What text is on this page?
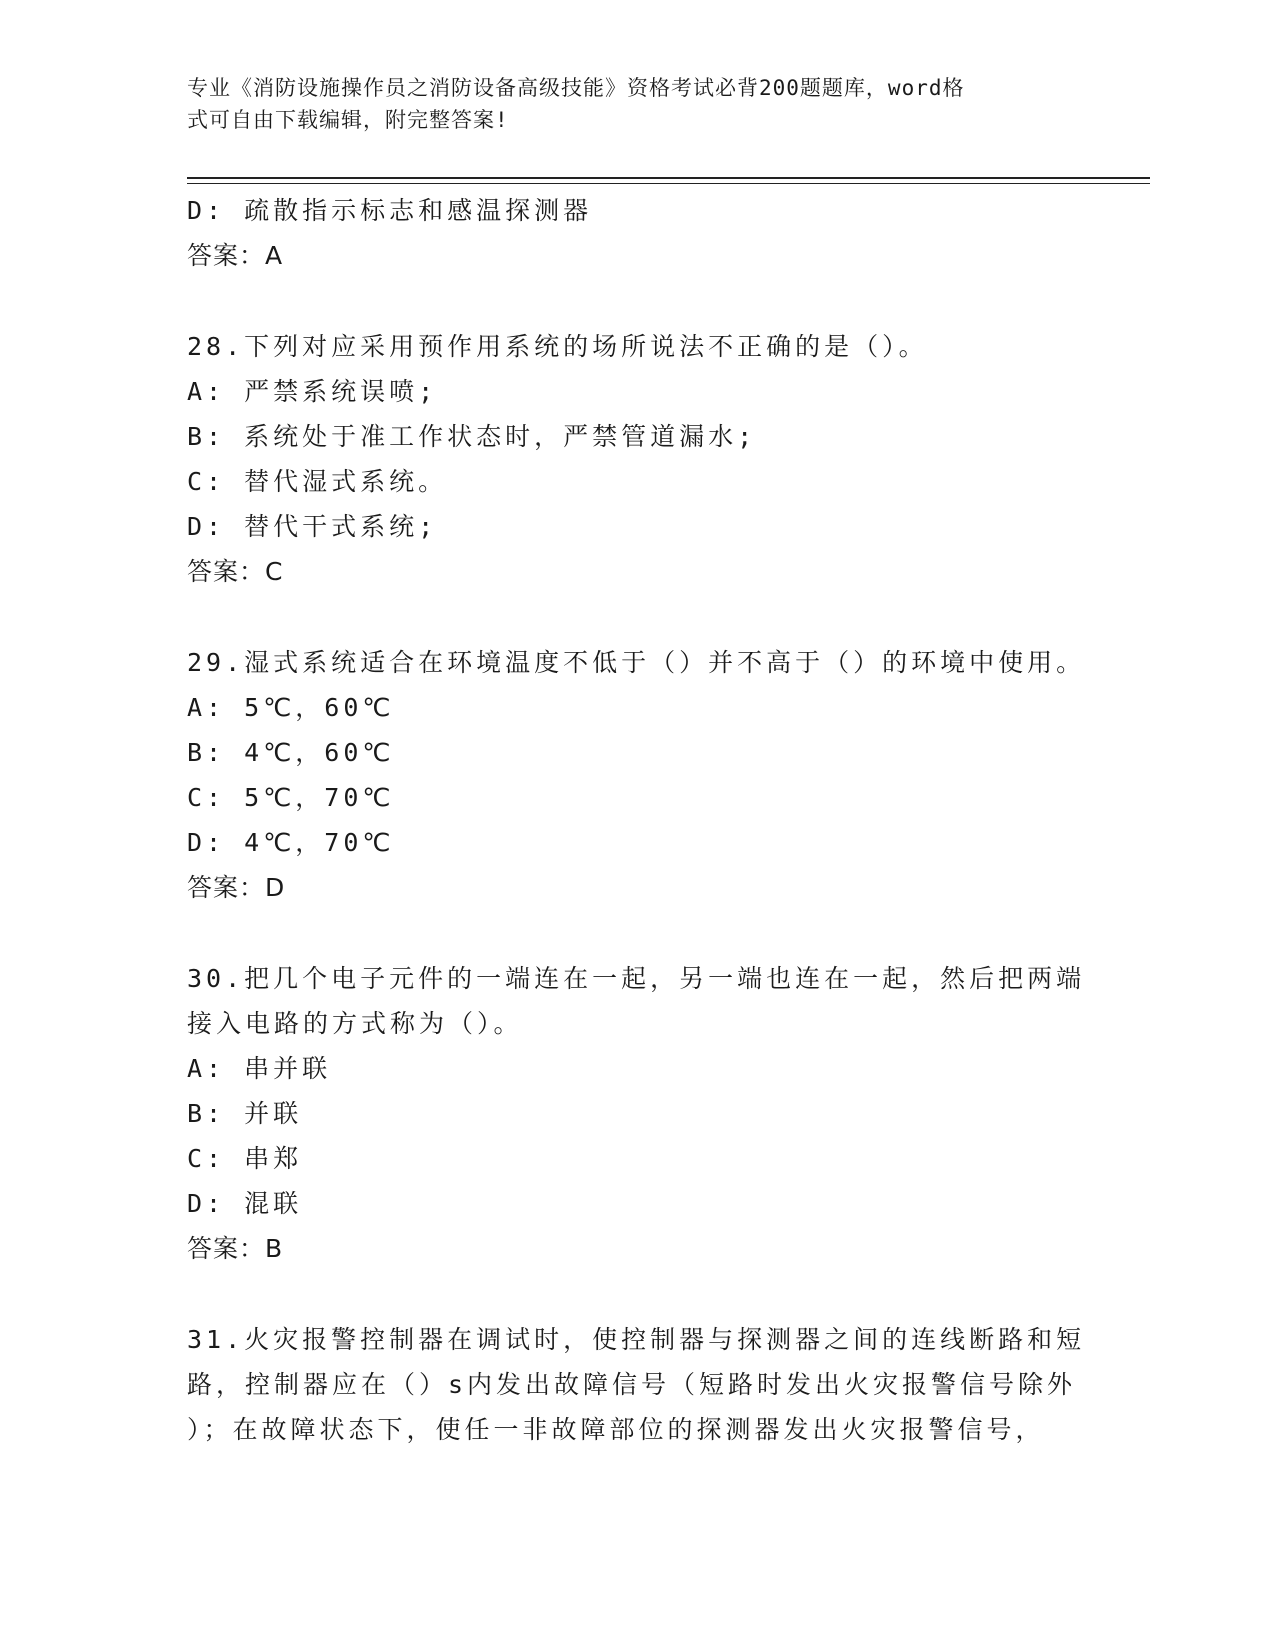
专业《消防设施操作员之消防设备高级技能》资格考试必背200题题库，word格
式可自由下载编辑，附完整答案!
D: 疏散指示标志和感温探测器
答案：A
28.下列对应采用预作用系统的场所说法不正确的是（）。
A: 严禁系统误喷;
B: 系统处于准工作状态时，严禁管道漏水;
C: 替代湿式系统。
D: 替代干式系统;
答案：C
29.湿式系统适合在环境温度不低于（）并不高于（）的环境中使用。
A: 5℃，60℃
B: 4℃，60℃
C: 5℃，70℃
D: 4℃，70℃
答案：D
30.把几个电子元件的一端连在一起，另一端也连在一起，然后把两端
接入电路的方式称为（）。
A: 串并联
B: 并联
C: 串郑
D: 混联
答案：B
31.火灾报警控制器在调试时，使控制器与探测器之间的连线断路和短
路，控制器应在（）s内发出故障信号（短路时发出火灾报警信号除外
）；在故障状态下，使任一非故障部位的探测器发出火灾报警信号，
